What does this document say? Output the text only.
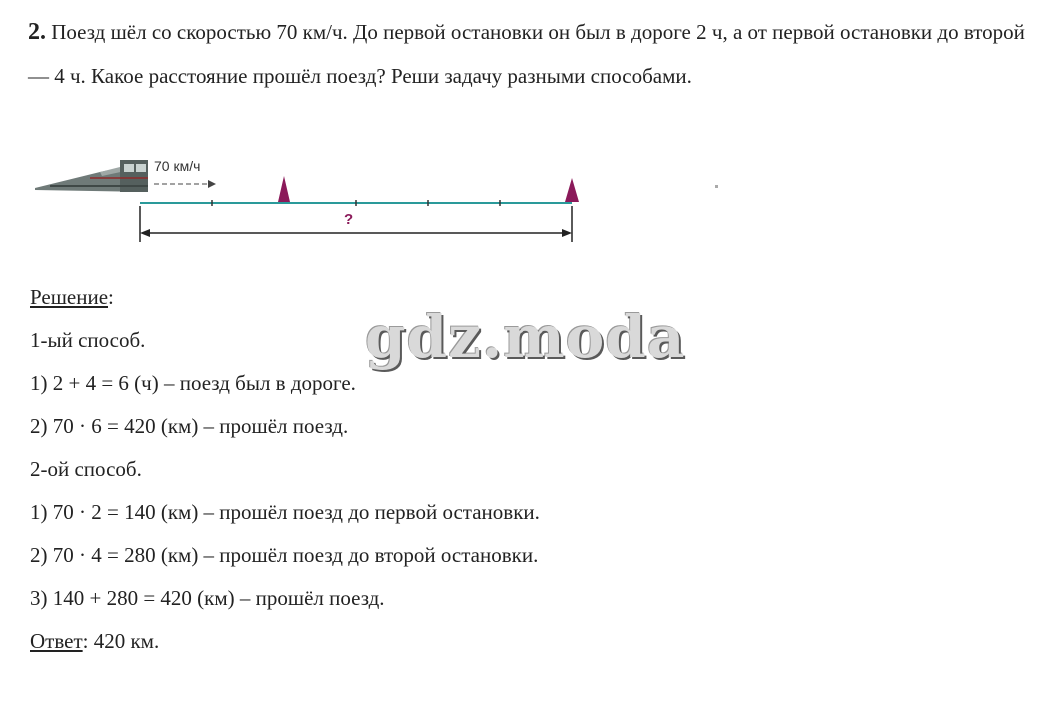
2. Поезд шёл со скоростью 70 км/ч. До первой остановки он был в дороге 2 ч, а от первой остановки до второй — 4 ч. Какое расстояние прошёл поезд? Реши задачу разными способами.
70 км/ч
?
Решение:
1-ый способ.
1) 2 + 4 = 6 (ч) – поезд был в дороге.
2) 70 · 6 = 420 (км) – прошёл поезд.
2-ой способ.
1) 70 · 2 = 140 (км) – прошёл поезд до первой остановки.
2) 70 · 4 = 280 (км) – прошёл поезд до второй остановки.
3) 140 + 280 = 420 (км) – прошёл поезд.
Ответ: 420 км.
gdz.moda
